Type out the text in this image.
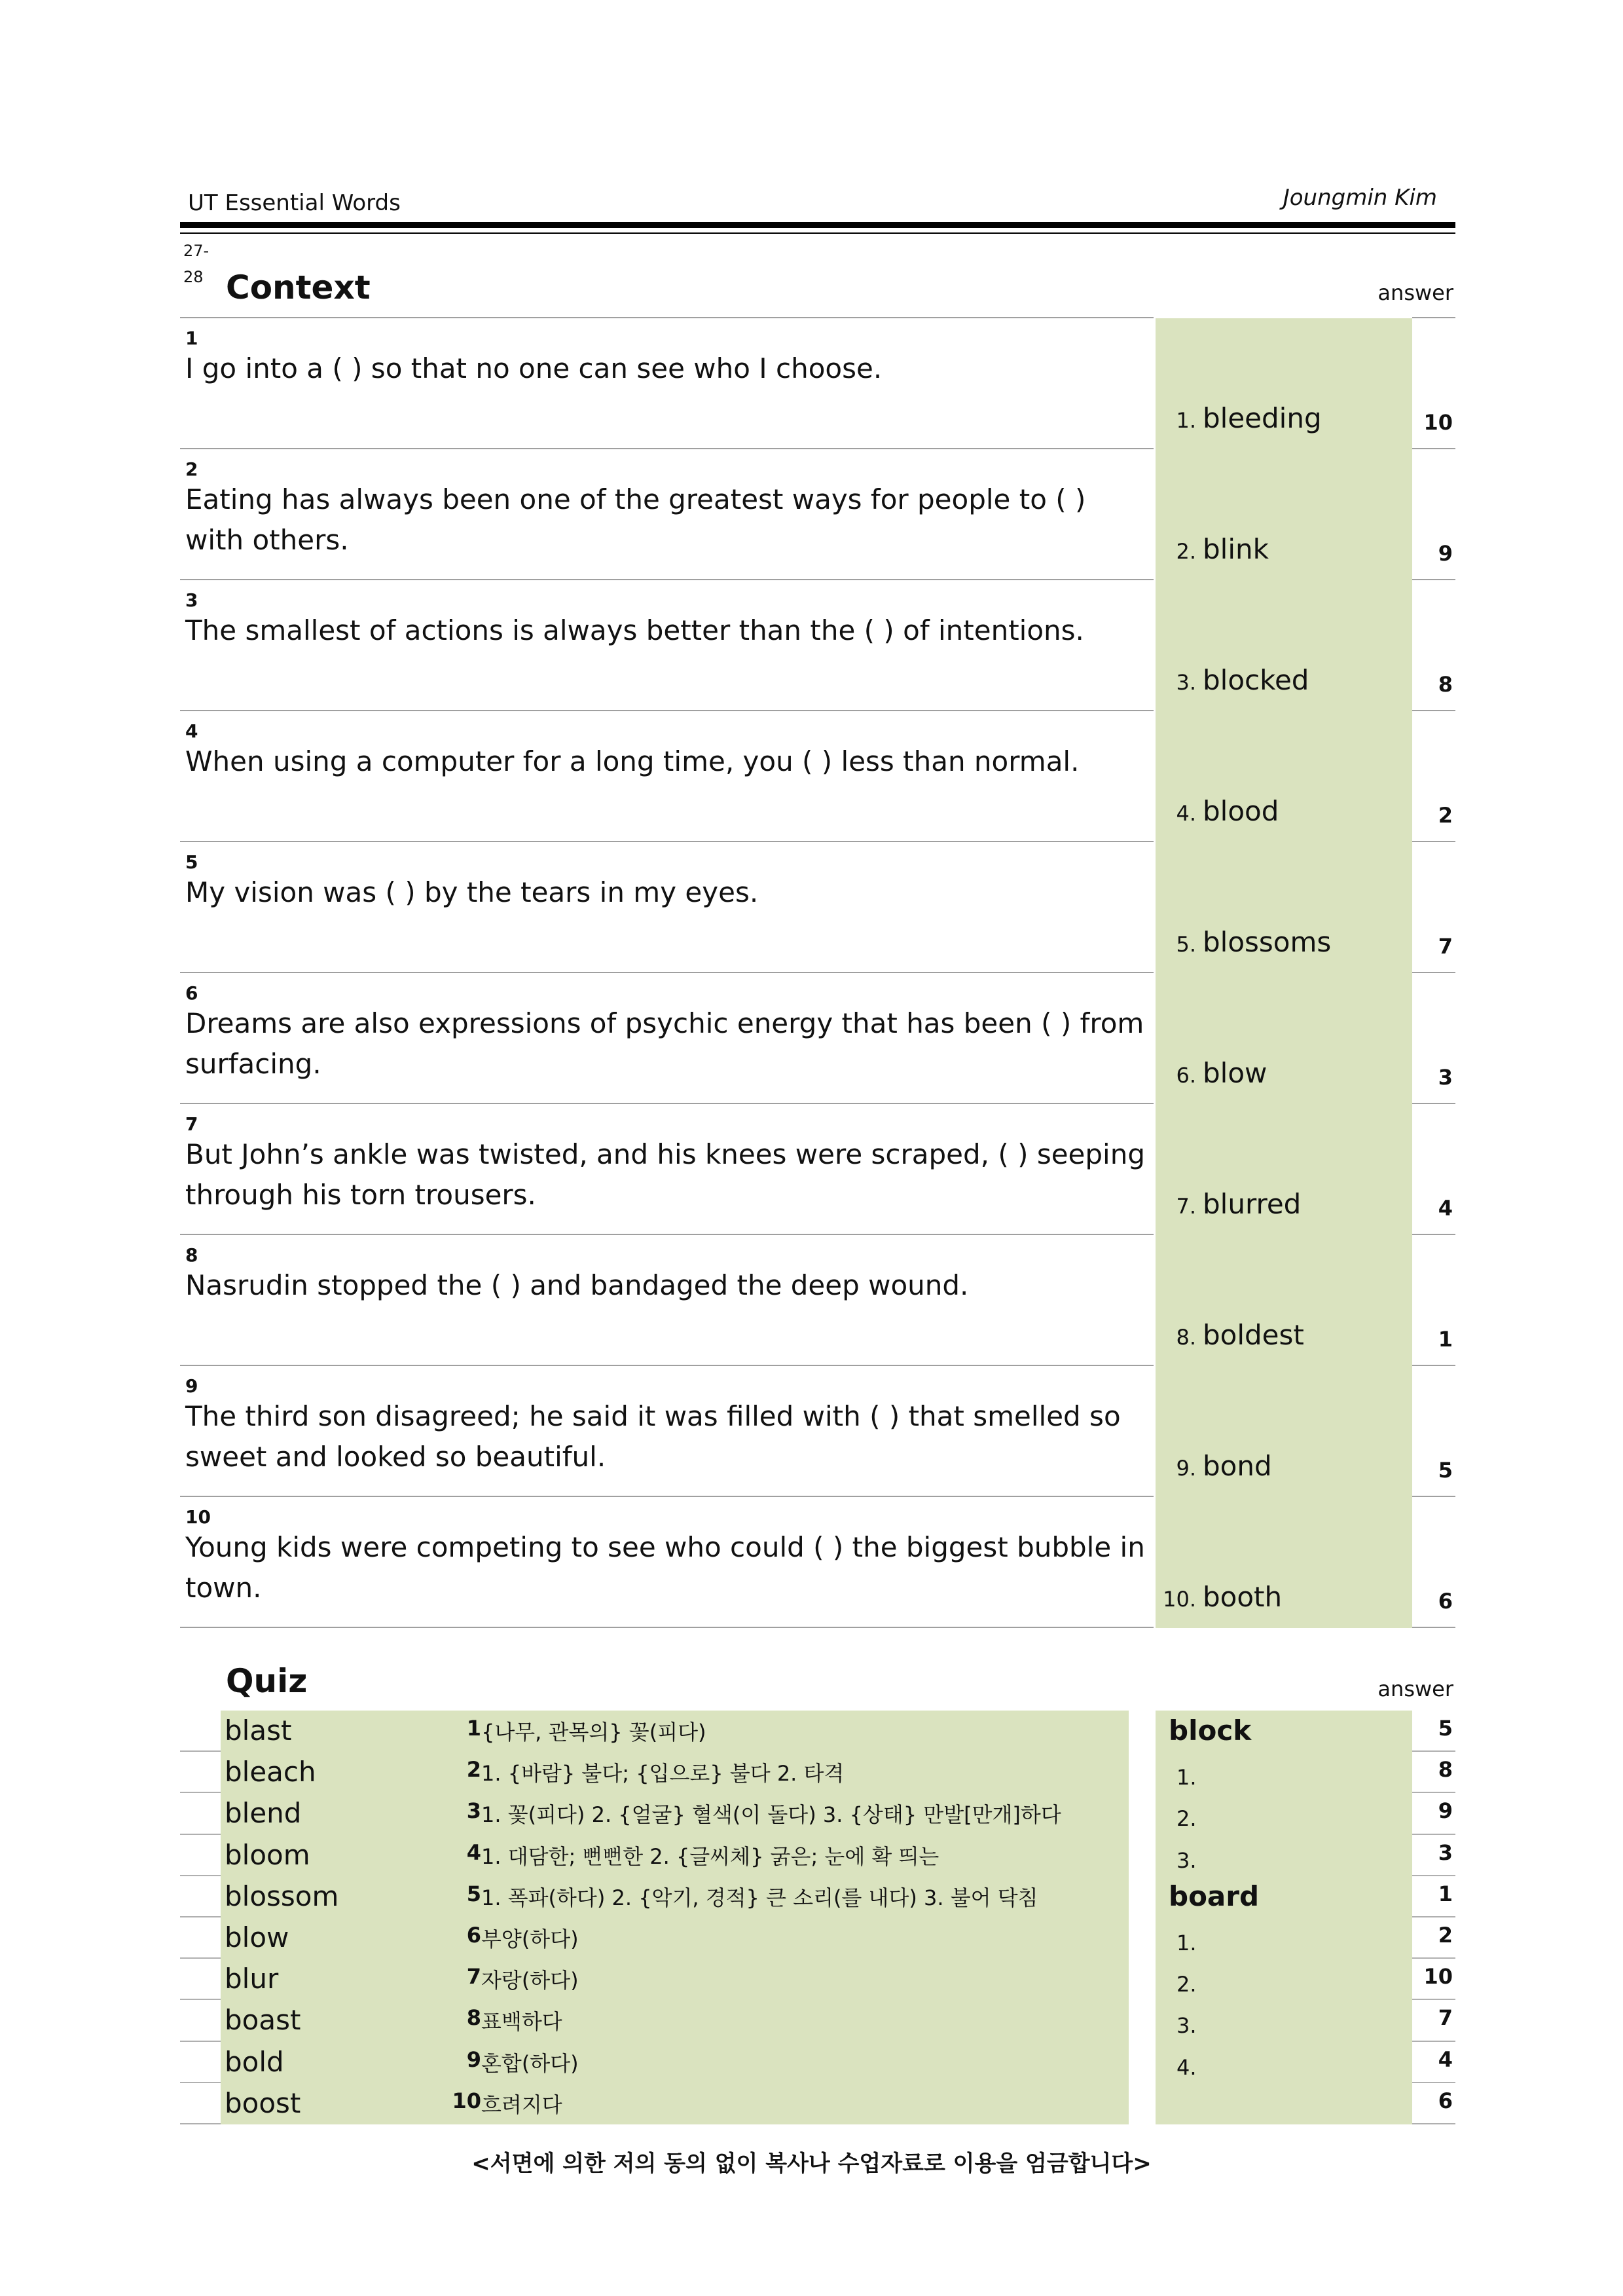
UT Essential Words	Joungmin Kim
27-
28 Context	answer
1
I go into a ( ) so that no one can see who I choose.
1. bleeding	10
2
Eating has always been one of the greatest ways for people to ( ) with others.	2. blink	9
3
The smallest of actions is always better than the ( ) of intentions.
3. blocked	8
4
When using a computer for a long time, you ( ) less than normal.
4. blood	2
5
My vision was ( ) by the tears in my eyes.
5. blossoms	7
6
Dreams are also expressions of psychic energy that has been ( ) from surfacing.	6. blow	3
7
But John’s ankle was twisted, and his knees were scraped, ( ) seeping through his torn trousers.	7. blurred	4
8
Nasrudin stopped the ( ) and bandaged the deep wound.
8. boldest	1
9
The third son disagreed; he said it was filled with ( ) that smelled so sweet and looked so beautiful.	9. bond	5
10
Young kids were competing to see who could ( ) the biggest bubble in town.	10. booth	6
Quiz	answer
blast	1 {나무, 관목의} 꽃(피다)	block	5
bleach	2 1. {바람} 불다; {입으로} 불다 2. 타격	1.	8
blend	3 1. 꽃(피다) 2. {얼굴} 혈색(이 돌다) 3. {상태} 만발[만개]하다	2.	9
bloom	4 1. 대담한; 뻔뻔한 2. {글씨체} 굵은; 눈에 확 띄는	3.	3
blossom	5 1. 폭파(하다) 2. {악기, 경적} 큰 소리(를 내다) 3. 불어 닥침	board	1
blow	6 부양(하다)	1.	2
blur	7 자랑(하다)	2.	10
boast	8 표백하다	3.	7
bold	9 혼합(하다)	4.	4
boost	10 흐려지다	6
<서면에 의한 저의 동의 없이 복사나 수업자료로 이용을 엄금합니다>
